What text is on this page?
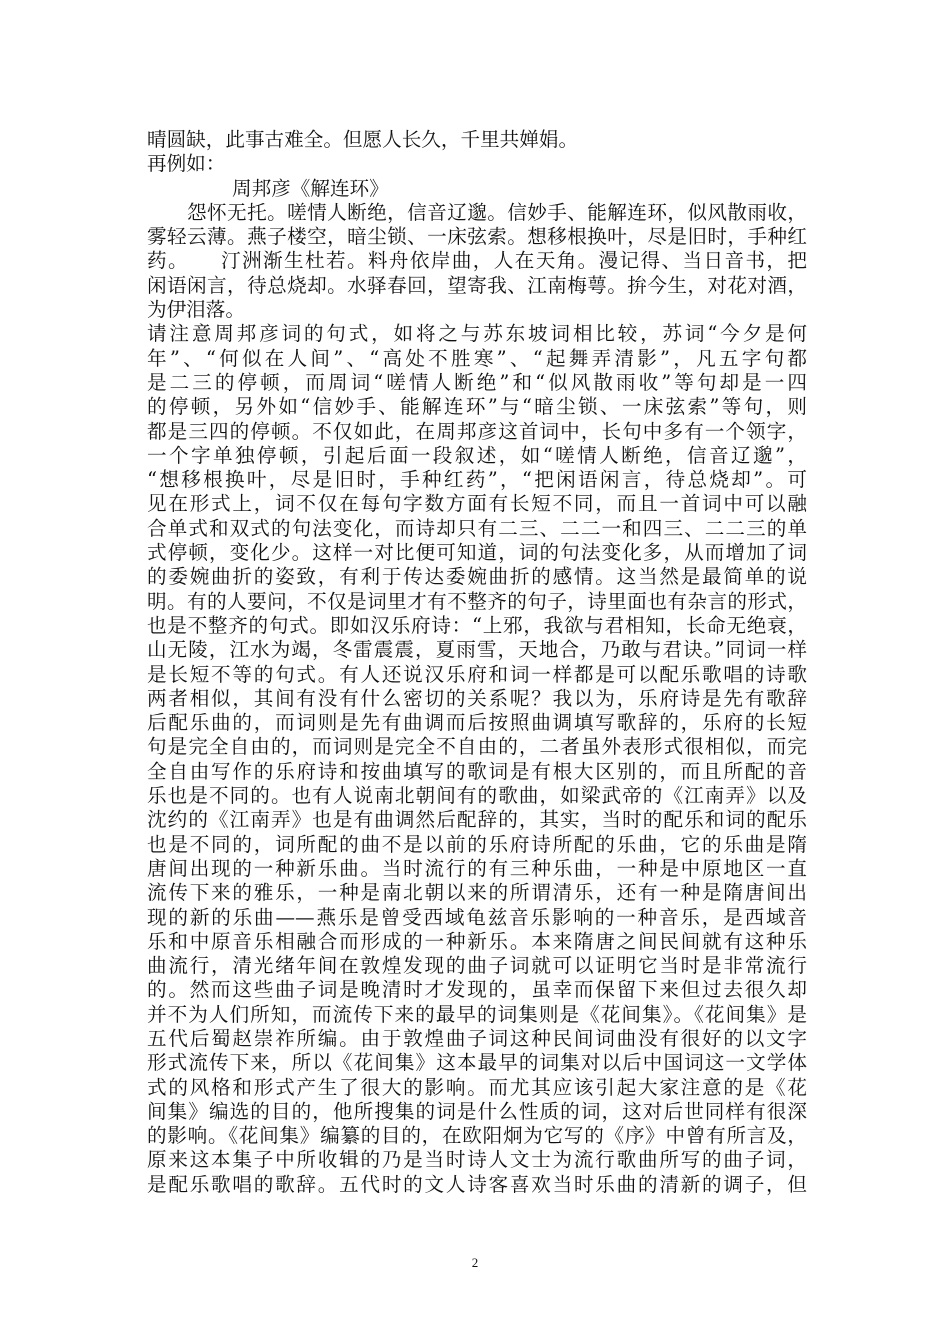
晴圆缺，此事古难全。但愿人长久，千里共婵娟。
再例如：
周邦彦《解连环》
　　怨怀无托。嗟情人断绝，信音辽邈。信妙手、能解连环，似风散雨收，
雾轻云薄。燕子楼空，暗尘锁、一床弦索。想移根换叶，尽是旧时，手种红
药。　　汀洲渐生杜若。料舟依岸曲，人在天角。漫记得、当日音书，把
闲语闲言，待总烧却。水驿春回，望寄我、江南梅萼。拚今生，对花对酒，
为伊泪落。
请注意周邦彦词的句式，如将之与苏东坡词相比较，苏词“今夕是何
年”、“何似在人间”、“高处不胜寒”、“起舞弄清影”，凡五字句都
是二三的停顿，而周词“嗟情人断绝”和“似风散雨收”等句却是一四
的停顿，另外如“信妙手、能解连环”与“暗尘锁、一床弦索”等句，则
都是三四的停顿。不仅如此，在周邦彦这首词中，长句中多有一个领字，
一个字单独停顿，引起后面一段叙述，如“嗟情人断绝，信音辽邈”，
“想移根换叶，尽是旧时，手种红药”，“把闲语闲言，待总烧却”。可
见在形式上，词不仅在每句字数方面有长短不同，而且一首词中可以融
合单式和双式的句法变化，而诗却只有二三、二二一和四三、二二三的单
式停顿，变化少。这样一对比便可知道，词的句法变化多，从而增加了词
的委婉曲折的姿致，有利于传达委婉曲折的感情。这当然是最简单的说
明。有的人要问，不仅是词里才有不整齐的句子，诗里面也有杂言的形式，
也是不整齐的句式。即如汉乐府诗：“上邪，我欲与君相知，长命无绝衰，
山无陵，江水为竭，冬雷震震，夏雨雪，天地合，乃敢与君诀。”同词一样
是长短不等的句式。有人还说汉乐府和词一样都是可以配乐歌唱的诗歌
两者相似，其间有没有什么密切的关系呢？我以为，乐府诗是先有歌辞
后配乐曲的，而词则是先有曲调而后按照曲调填写歌辞的，乐府的长短
句是完全自由的，而词则是完全不自由的，二者虽外表形式很相似，而完
全自由写作的乐府诗和按曲填写的歌词是有根大区别的，而且所配的音
乐也是不同的。也有人说南北朝间有的歌曲，如梁武帝的《江南弄》以及
沈约的《江南弄》也是有曲调然后配辞的，其实，当时的配乐和词的配乐
也是不同的，词所配的曲不是以前的乐府诗所配的乐曲，它的乐曲是隋
唐间出现的一种新乐曲。当时流行的有三种乐曲，一种是中原地区一直
流传下来的雅乐，一种是南北朝以来的所谓清乐，还有一种是隋唐间出
现的新的乐曲——燕乐是曾受西域龟兹音乐影响的一种音乐，是西域音
乐和中原音乐相融合而形成的一种新乐。本来隋唐之间民间就有这种乐
曲流行，清光绪年间在敦煌发现的曲子词就可以证明它当时是非常流行
的。然而这些曲子词是晚清时才发现的，虽幸而保留下来但过去很久却
并不为人们所知，而流传下来的最早的词集则是《花间集》。《花间集》是
五代后蜀赵崇祚所编。由于敦煌曲子词这种民间词曲没有很好的以文字
形式流传下来，所以《花间集》这本最早的词集对以后中国词这一文学体
式的风格和形式产生了很大的影响。而尤其应该引起大家注意的是《花
间集》编选的目的，他所搜集的词是什么性质的词，这对后世同样有很深
的影响。《花间集》编纂的目的，在欧阳炯为它写的《序》中曾有所言及，
原来这本集子中所收辑的乃是当时诗人文士为流行歌曲所写的曲子词，
是配乐歌唱的歌辞。五代时的文人诗客喜欢当时乐曲的清新的调子，但
2
